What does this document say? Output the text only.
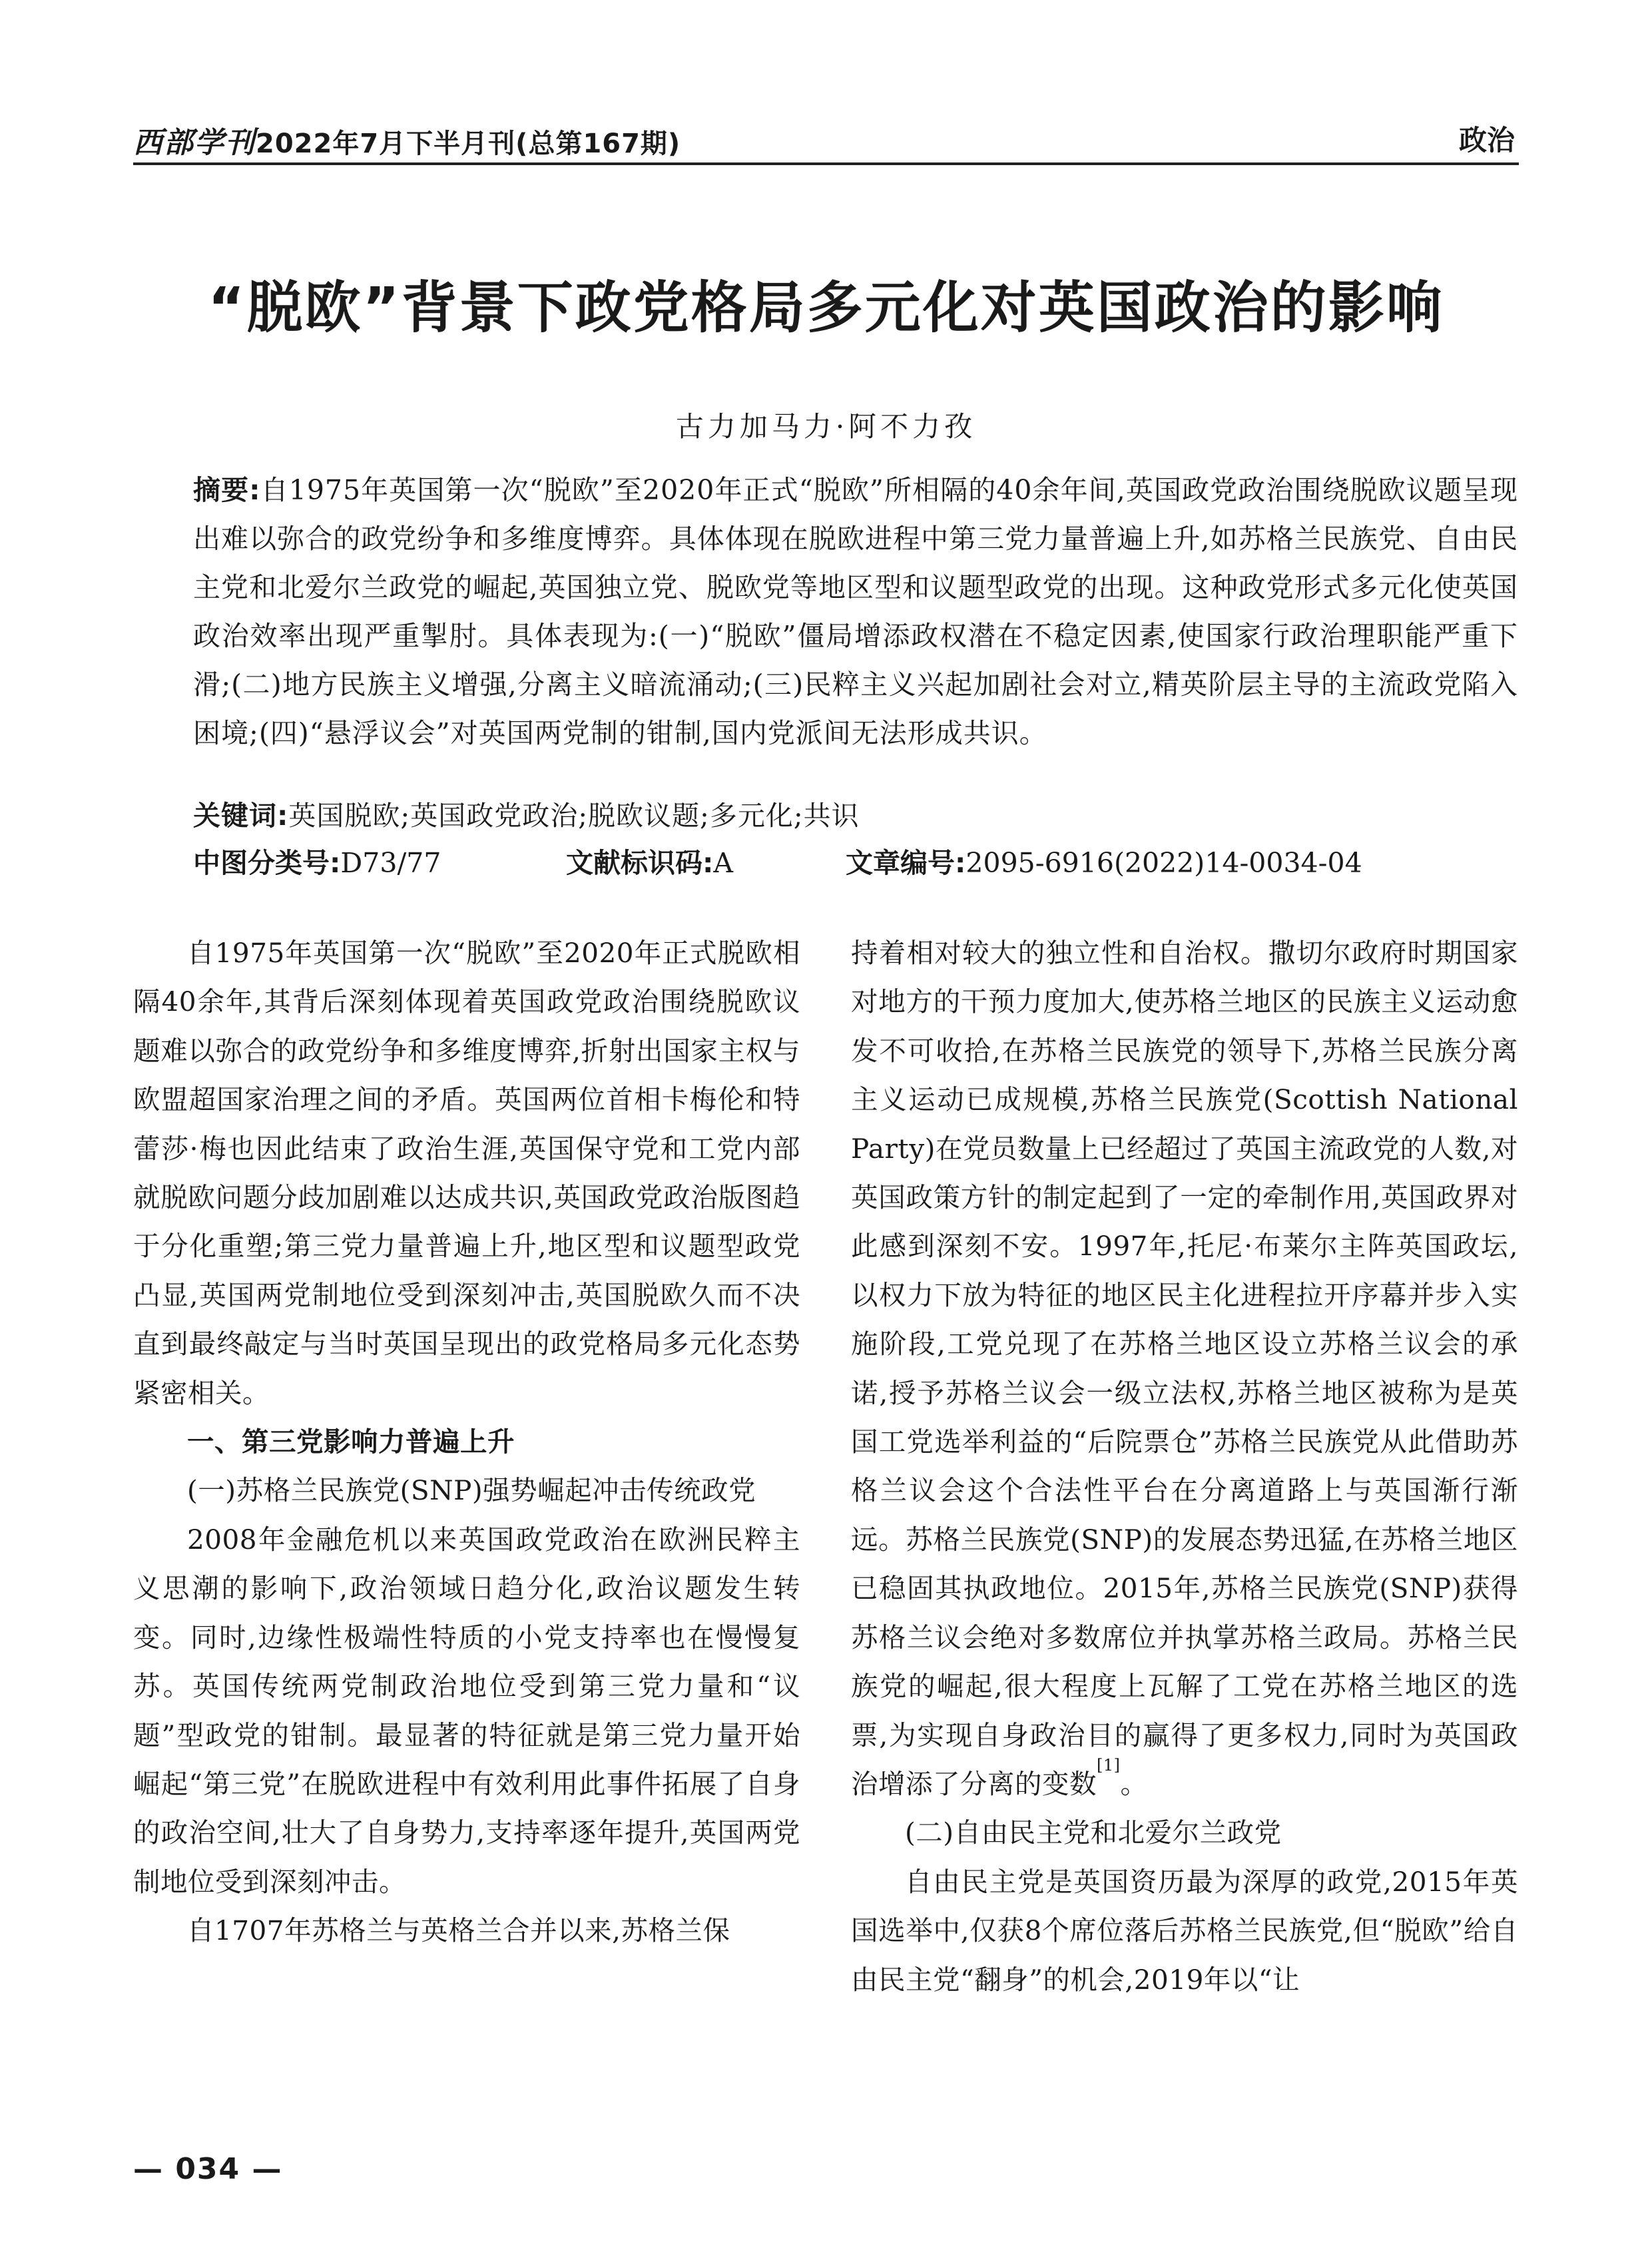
西部学刊 2022年7月下半月刊(总第167期)	政治
“脱欧”背景下政党格局多元化对英国政治的影响
古力加马力·阿不力孜
摘要:自1975年英国第一次“脱欧”至2020年正式“脱欧”所相隔的40余年间,英国政党政治围绕脱欧议题呈现出难以弥合的政党纷争和多维度博弈。具体体现在脱欧进程中第三党力量普遍上升,如苏格兰民族党、自由民主党和北爱尔兰政党的崛起,英国独立党、脱欧党等地区型和议题型政党的出现。这种政党形式多元化使英国政治效率出现严重掣肘。具体表现为:(一)“脱欧”僵局增添政权潜在不稳定因素,使国家行政治理职能严重下滑;(二)地方民族主义增强,分离主义暗流涌动;(三)民粹主义兴起加剧社会对立,精英阶层主导的主流政党陷入困境;(四)“悬浮议会”对英国两党制的钳制,国内党派间无法形成共识。
关键词:英国脱欧;英国政党政治;脱欧议题;多元化;共识
中图分类号:D73/77	文献标识码:A	文章编号:2095-6916(2022)14-0034-04

自1975年英国第一次“脱欧”至2020年正式脱欧相隔40余年,其背后深刻体现着英国政党政治围绕脱欧议题难以弥合的政党纷争和多维度博弈,折射出国家主权与欧盟超国家治理之间的矛盾。英国两位首相卡梅伦和特蕾莎·梅也因此结束了政治生涯,英国保守党和工党内部就脱欧问题分歧加剧难以达成共识,英国政党政治版图趋于分化重塑;第三党力量普遍上升,地区型和议题型政党凸显,英国两党制地位受到深刻冲击,英国脱欧久而不决直到最终敲定与当时英国呈现出的政党格局多元化态势紧密相关。

一、第三党影响力普遍上升
(一)苏格兰民族党(SNP)强势崛起冲击传统政党

2008年金融危机以来英国政党政治在欧洲民粹主义思潮的影响下,政治领域日趋分化,政治议题发生转变。同时,边缘性极端性特质的小党支持率也在慢慢复苏。英国传统两党制政治地位受到第三党力量和“议题”型政党的钳制。最显著的特征就是第三党力量开始崛起“第三党”在脱欧进程中有效利用此事件拓展了自身的政治空间,壮大了自身势力,支持率逐年提升,英国两党制地位受到深刻冲击。

自1707年苏格兰与英格兰合并以来,苏格兰保

持着相对较大的独立性和自治权。撒切尔政府时期国家对地方的干预力度加大,使苏格兰地区的民族主义运动愈发不可收拾,在苏格兰民族党的领导下,苏格兰民族分离主义运动已成规模,苏格兰民族党(Scottish National Party)在党员数量上已经超过了英国主流政党的人数,对英国政策方针的制定起到了一定的牵制作用,英国政界对此感到深刻不安。1997年,托尼·布莱尔主阵英国政坛,以权力下放为特征的地区民主化进程拉开序幕并步入实施阶段,工党兑现了在苏格兰地区设立苏格兰议会的承诺,授予苏格兰议会一级立法权,苏格兰地区被称为是英国工党选举利益的“后院票仓”苏格兰民族党从此借助苏格兰议会这个合法性平台在分离道路上与英国渐行渐远。苏格兰民族党(SNP)的发展态势迅猛,在苏格兰地区已稳固其执政地位。2015年,苏格兰民族党(SNP)获得苏格兰议会绝对多数席位并执掌苏格兰政局。苏格兰民族党的崛起,很大程度上瓦解了工党在苏格兰地区的选票,为实现自身政治目的赢得了更多权力,同时为英国政治增添了分离的变数[1]。

(二)自由民主党和北爱尔兰政党

自由民主党是英国资历最为深厚的政党,2015年英国选举中,仅获8个席位落后苏格兰民族党,但“脱欧”给自由民主党“翻身”的机会,2019年以“让

— 034 —
